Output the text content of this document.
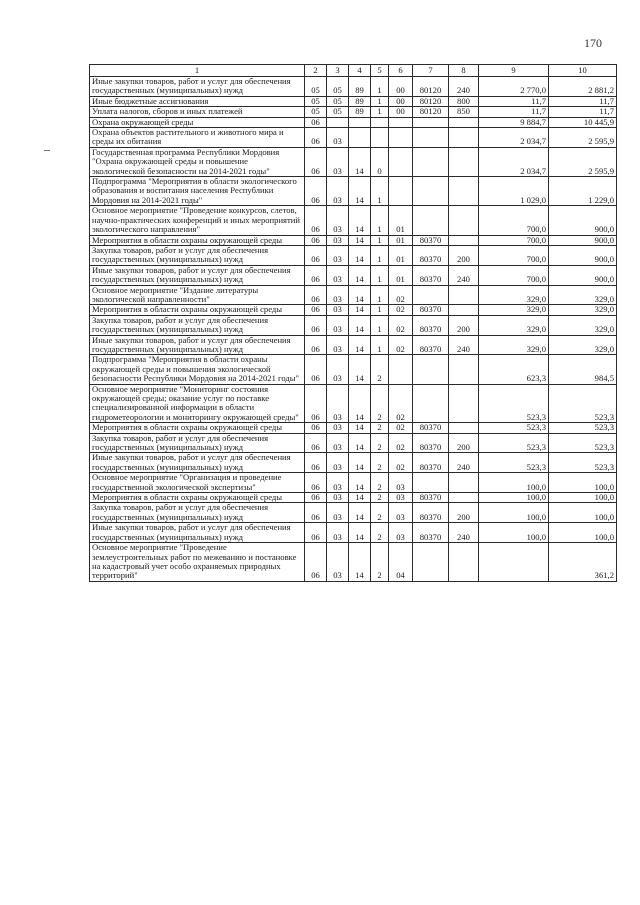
170
1	2	3	4	5	6	7	8	9	10
Иные закупки товаров, работ и услуг для обеспечения государственных (муниципальных) нужд	05	05	89	1	00	80120	240	2 770,0	2 881,2
Иные бюджетные ассигнования	05	05	89	1	00	80120	800	11,7	11,7
Уплата налогов, сборов и иных платежей	05	05	89	1	00	80120	850	11,7	11,7
Охрана окружающей среды	06							9 884,7	10 445,9
Охрана объектов растительного и животного мира и среды их обитания	06	03						2 034,7	2 595,9
Государственная программа Республики Мордовия "Охрана окружающей среды и повышение экологической безопасности на 2014-2021 годы"	06	03	14	0				2 034,7	2 595,9
Подпрограмма "Мероприятия в области экологического образования и воспитания населения Республики Мордовия на 2014-2021 годы"	06	03	14	1				1 029,0	1 229,0
Основное мероприятие "Проведение конкурсов, слетов, научно-практических конференций и иных мероприятий экологического направления"	06	03	14	1	01			700,0	900,0
Мероприятия в области охраны окружающей среды	06	03	14	1	01	80370		700,0	900,0
Закупка товаров, работ и услуг для обеспечения государственных (муниципальных) нужд	06	03	14	1	01	80370	200	700,0	900,0
Иные закупки товаров, работ и услуг для обеспечения государственных (муниципальных) нужд	06	03	14	1	01	80370	240	700,0	900,0
Основное мероприятие "Издание литературы экологической направленности"	06	03	14	1	02			329,0	329,0
Мероприятия в области охраны окружающей среды	06	03	14	1	02	80370		329,0	329,0
Закупка товаров, работ и услуг для обеспечения государственных (муниципальных) нужд	06	03	14	1	02	80370	200	329,0	329,0
Иные закупки товаров, работ и услуг для обеспечения государственных (муниципальных) нужд	06	03	14	1	02	80370	240	329,0	329,0
Подпрограмма "Мероприятия в области охраны окружающей среды и повышения экологической безопасности Республики Мордовия на 2014-2021 годы"	06	03	14	2				623,3	984,5
Основное мероприятие "Мониторинг состояния окружающей среды; оказание услуг по поставке специализированной информации в области гидрометеорологии и мониторингу окружающей среды"	06	03	14	2	02			523,3	523,3
Мероприятия в области охраны окружающей среды	06	03	14	2	02	80370		523,3	523,3
Закупка товаров, работ и услуг для обеспечения государственных (муниципальных) нужд	06	03	14	2	02	80370	200	523,3	523,3
Иные закупки товаров, работ и услуг для обеспечения государственных (муниципальных) нужд	06	03	14	2	02	80370	240	523,3	523,3
Основное мероприятие "Организация и проведение государственной экологической экспертизы"	06	03	14	2	03			100,0	100,0
Мероприятия в области охраны окружающей среды	06	03	14	2	03	80370		100,0	100,0
Закупка товаров, работ и услуг для обеспечения государственных (муниципальных) нужд	06	03	14	2	03	80370	200	100,0	100,0
Иные закупки товаров, работ и услуг для обеспечения государственных (муниципальных) нужд	06	03	14	2	03	80370	240	100,0	100,0
Основное мероприятие "Проведение землеустроительных работ по межеванию и постановке на кадастровый учет особо охраняемых природных территорий"	06	03	14	2	04				361,2
